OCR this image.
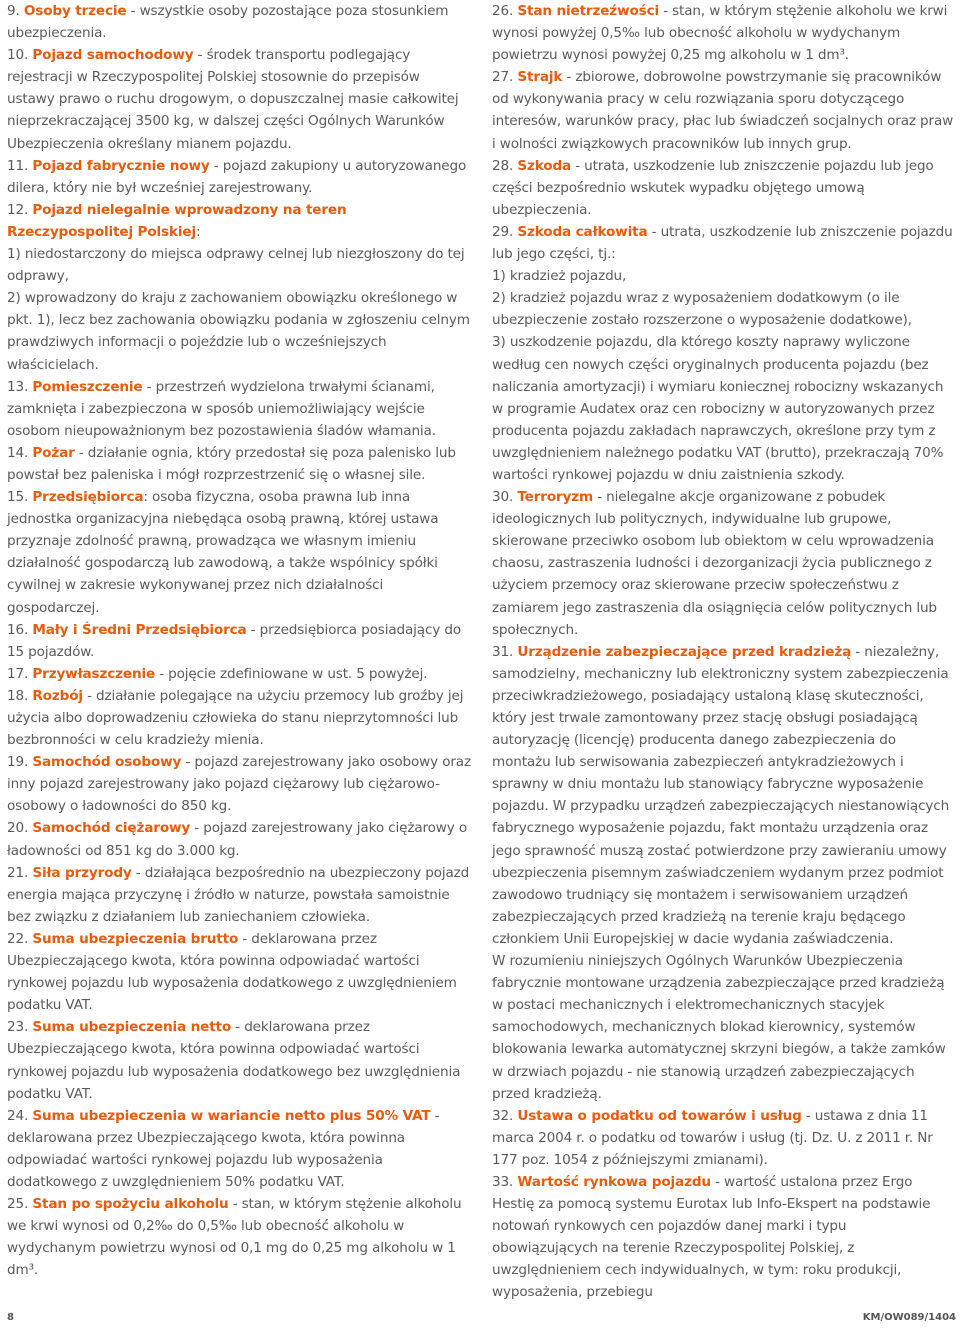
9. Osoby trzecie - wszystkie osoby pozostające poza stosunkiem ubezpieczenia.

10. Pojazd samochodowy - środek transportu podlegający rejestracji w Rzeczypospolitej Polskiej stosownie do przepisów ustawy prawo o ruchu drogowym, o dopuszczalnej masie całkowitej nieprzekraczającej 3500 kg, w dalszej części Ogólnych Warunków Ubezpieczenia określany mianem pojazdu.

11. Pojazd fabrycznie nowy - pojazd zakupiony u autoryzowanego dilera, który nie był wcześniej zarejestrowany.

12. Pojazd nielegalnie wprowadzony na teren Rzeczypospolitej Polskiej:

1) niedostarczony do miejsca odprawy celnej lub niezgłoszony do tej odprawy,

2) wprowadzony do kraju z zachowaniem obowiązku określonego w pkt. 1), lecz bez zachowania obowiązku podania w zgłoszeniu celnym prawdziwych informacji o pojeździe lub o wcześniejszych właścicielach.

13. Pomieszczenie - przestrzeń wydzielona trwałymi ścianami, zamknięta i zabezpieczona w sposób uniemożliwiający wejście osobom nieupoważnionym bez pozostawienia śladów włamania.

14. Pożar - działanie ognia, który przedostał się poza palenisko lub powstał bez paleniska i mógł rozprzestrzenić się o własnej sile.

15. Przedsiębiorca: osoba fizyczna, osoba prawna lub inna jednostka organizacyjna niebędąca osobą prawną, której ustawa przyznaje zdolność prawną, prowadząca we własnym imieniu działalność gospodarczą lub zawodową, a także wspólnicy spółki cywilnej w zakresie wykonywanej przez nich działalności gospodarczej.

16. Mały i Średni Przedsiębiorca - przedsiębiorca posiadający do 15 pojazdów.

17. Przywłaszczenie - pojęcie zdefiniowane w ust. 5 powyżej.

18. Rozbój - działanie polegające na użyciu przemocy lub groźby jej użycia albo doprowadzeniu człowieka do stanu nieprzytomności lub bezbronności w celu kradzieży mienia.

19. Samochód osobowy - pojazd zarejestrowany jako osobowy oraz inny pojazd zarejestrowany jako pojazd ciężarowy lub ciężarowo-osobowy o ładowności do 850 kg.

20. Samochód ciężarowy - pojazd zarejestrowany jako ciężarowy o ładowności od 851 kg do 3.000 kg.

21. Siła przyrody - działająca bezpośrednio na ubezpieczony pojazd energia mająca przyczynę i źródło w naturze, powstała samoistnie bez związku z działaniem lub zaniechaniem człowieka.

22. Suma ubezpieczenia brutto - deklarowana przez Ubezpieczającego kwota, która powinna odpowiadać wartości rynkowej pojazdu lub wyposażenia dodatkowego z uwzględnieniem podatku VAT.

23. Suma ubezpieczenia netto - deklarowana przez Ubezpieczającego kwota, która powinna odpowiadać wartości rynkowej pojazdu lub wyposażenia dodatkowego bez uwzględnienia podatku VAT.

24. Suma ubezpieczenia w wariancie netto plus 50% VAT - deklarowana przez Ubezpieczającego kwota, która powinna odpowiadać wartości rynkowej pojazdu lub wyposażenia dodatkowego z uwzględnieniem 50% podatku VAT.

25. Stan po spożyciu alkoholu - stan, w którym stężenie alkoholu we krwi wynosi od 0,2‰ do 0,5‰ lub obecność alkoholu w wydychanym powietrzu wynosi od 0,1 mg do 0,25 mg alkoholu w 1 dm³.

26. Stan nietrzeźwości - stan, w którym stężenie alkoholu we krwi wynosi powyżej 0,5‰ lub obecność alkoholu w wydychanym powietrzu wynosi powyżej 0,25 mg alkoholu w 1 dm³.

27. Strajk - zbiorowe, dobrowolne powstrzymanie się pracowników od wykonywania pracy w celu rozwiązania sporu dotyczącego interesów, warunków pracy, płac lub świadczeń socjalnych oraz praw i wolności związkowych pracowników lub innych grup.

28. Szkoda - utrata, uszkodzenie lub zniszczenie pojazdu lub jego części bezpośrednio wskutek wypadku objętego umową ubezpieczenia.

29. Szkoda całkowita - utrata, uszkodzenie lub zniszczenie pojazdu lub jego części, tj.:

1) kradzież pojazdu,

2) kradzież pojazdu wraz z wyposażeniem dodatkowym (o ile ubezpieczenie zostało rozszerzone o wyposażenie dodatkowe),

3) uszkodzenie pojazdu, dla którego koszty naprawy wyliczone według cen nowych części oryginalnych producenta pojazdu (bez naliczania amortyzacji) i wymiaru koniecznej robocizny wskazanych w programie Audatex oraz cen robocizny w autoryzowanych przez producenta pojazdu zakładach naprawczych, określone przy tym z uwzględnieniem należnego podatku VAT (brutto), przekraczają 70% wartości rynkowej pojazdu w dniu zaistnienia szkody.

30. Terroryzm - nielegalne akcje organizowane z pobudek ideologicznych lub politycznych, indywidualne lub grupowe, skierowane przeciwko osobom lub obiektom w celu wprowadzenia chaosu, zastraszenia ludności i dezorganizacji życia publicznego z użyciem przemocy oraz skierowane przeciw społeczeństwu z zamiarem jego zastraszenia dla osiągnięcia celów politycznych lub społecznych.

31. Urządzenie zabezpieczające przed kradzieżą - niezależny, samodzielny, mechaniczny lub elektroniczny system zabezpieczenia przeciwkradzieżowego, posiadający ustaloną klasę skuteczności, który jest trwale zamontowany przez stację obsługi posiadającą autoryzację (licencję) producenta danego zabezpieczenia do montażu lub serwisowania zabezpieczeń antykradzieżowych i sprawny w dniu montażu lub stanowiący fabryczne wyposażenie pojazdu. W przypadku urządzeń zabezpieczających niestanowiących fabrycznego wyposażenie pojazdu, fakt montażu urządzenia oraz jego sprawność muszą zostać potwierdzone przy zawieraniu umowy ubezpieczenia pisemnym zaświadczeniem wydanym przez podmiot zawodowo trudniący się montażem i serwisowaniem urządzeń zabezpieczających przed kradzieżą na terenie kraju będącego członkiem Unii Europejskiej w dacie wydania zaświadczenia.

W rozumieniu niniejszych Ogólnych Warunków Ubezpieczenia fabrycznie montowane urządzenia zabezpieczające przed kradzieżą w postaci mechanicznych i elektromechanicznych stacyjek samochodowych, mechanicznych blokad kierownicy, systemów blokowania lewarka automatycznej skrzyni biegów, a także zamków w drzwiach pojazdu - nie stanowią urządzeń zabezpieczających przed kradzieżą.

32. Ustawa o podatku od towarów i usług - ustawa z dnia 11 marca 2004 r. o podatku od towarów i usług (tj. Dz. U. z 2011 r. Nr 177 poz. 1054 z późniejszymi zmianami).

33. Wartość rynkowa pojazdu - wartość ustalona przez Ergo Hestię za pomocą systemu Eurotax lub Info-Ekspert na podstawie notowań rynkowych cen pojazdów danej marki i typu obowiązujących na terenie Rzeczypospolitej Polskiej, z uwzględnieniem cech indywidualnych, w tym: roku produkcji, wyposażenia, przebiegu

8	KM/OW089/1404
